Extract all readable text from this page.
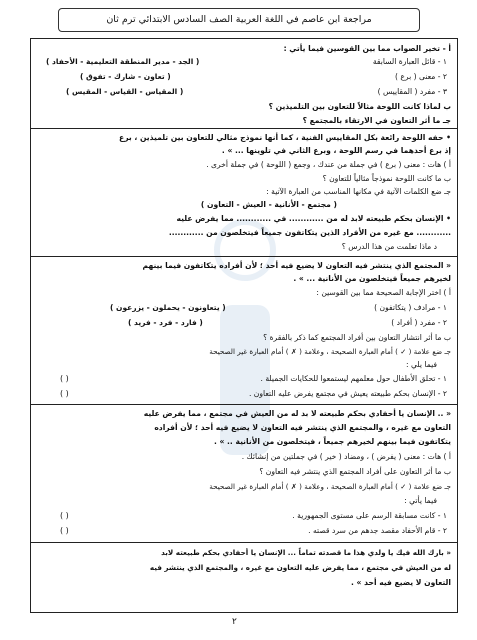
مراجعة ابن عاصم في اللغة العربية الصف السادس الابتدائي ترم ثان
أ - تخير الصواب مما بين القوسين فيما يأتي :
١ - قائل العبارة السابقة
( الجد - مدير المنطقة التعليمية - الأحفاد )
٢ - معنى ( برع )
( تعاون - شارك - تفوق )
٣ - مفرد ( المقاييس )
( المقياس - القياس - المقيس )
ب لماذا كانت اللوحة مثالاً للتعاون بين التلميذين ؟
جـ ما أثر التعاون في الارتقاء بالمجتمع ؟
• حفه اللوحة رائعة بكل المقاييس الفنية ، كما أنها نموذج مثالي للتعاون بين تلميذين ، برع
إذ برع أحدهما في رسم اللوحة ، وبرع الثاني في تلوينها ... » .
أ ) هات : معنى ( برع ) في جملة من عندك ، وجمع ( اللوحة ) في جملة أخرى .
ب ما كانت اللوحة نموذجاً مثالياً للتعاون ؟
جـ ضع الكلمات الآتية في مكانها المناسب من العبارة الآتية :
( مجتمع - الأنانية - العيش - التعاون )
• الإنسان بحكم طبيعته لابد له من ............ في ............ مما يفرض عليه
............ مع غيره من الأفراد الذين يتكاتفون جميعاً فيتخلصون من ............
د ماذا تعلمت من هذا الدرس ؟
« المجتمع الذي ينتشر فيه التعاون لا يضيع فيه أحد ؛ لأن أفراده يتكاتفون فيما بينهم
لخيرهم جميعاً فيتخلصون من الأنانية ... » .
أ ) اختر الإجابة الصحيحة مما بين القوسين :
١ - مرادف ( يتكاتفون )
( يتعاونون - يحملون - يزرعون )
٢ - مفرد ( أفراد )
( فارد - فرد - فريد )
ب ما أثر انتشار التعاون بين أفراد المجتمع كما ذكر بالفقرة ؟
جـ ضع علامة ( ✓ ) أمام العبارة الصحيحة ، وعلامة ( ✗ ) أمام العبارة غير الصحيحة
فيما يلي :
١ - تحلق الأطفال حول معلمهم ليستمعوا للحكايات الجميلة .
( )
٢ - الإنسان بحكم طبيعته يعيش في مجتمع يفرض عليه التعاون .
( )
« .. الإنسان يا أحفادي بحكم طبيعته لا بد له من العيش في مجتمع ، مما يفرض عليه
التعاون مع غيره ، والمجتمع الذي ينتشر فيه التعاون لا يضيع فيه أحد ؛ لأن أفراده
يتكاتفون فيما بينهم لخيرهم جميعاً ، فيتخلصون من الأنانية .. » .
أ ) هات : معنى ( يفرض ) ، ومضاد ( خير ) في جملتين من إنشائك .
ب ما أثر التعاون على أفراد المجتمع الذي ينتشر فيه التعاون ؟
جـ ضع علامة ( ✓ ) أمام العبارة الصحيحة ، وعلامة ( ✗ ) أمام العبارة غير الصحيحة
فيما يأتي :
١ - كانت مسابقة الرسم على مستوى الجمهورية .
( )
٢ - قام الأحفاد مقصد جدهم من سرد قصته .
( )
« بارك الله فيك يا ولدي هذا ما قصدته تماماً ... الإنسان يا أحفادي بحكم طبيعته لابد
له من العيش في مجتمع ، مما يفرض عليه التعاون مع غيره ، والمجتمع الذي ينتشر فيه
التعاون لا يضيع فيه أحد » .
٢
